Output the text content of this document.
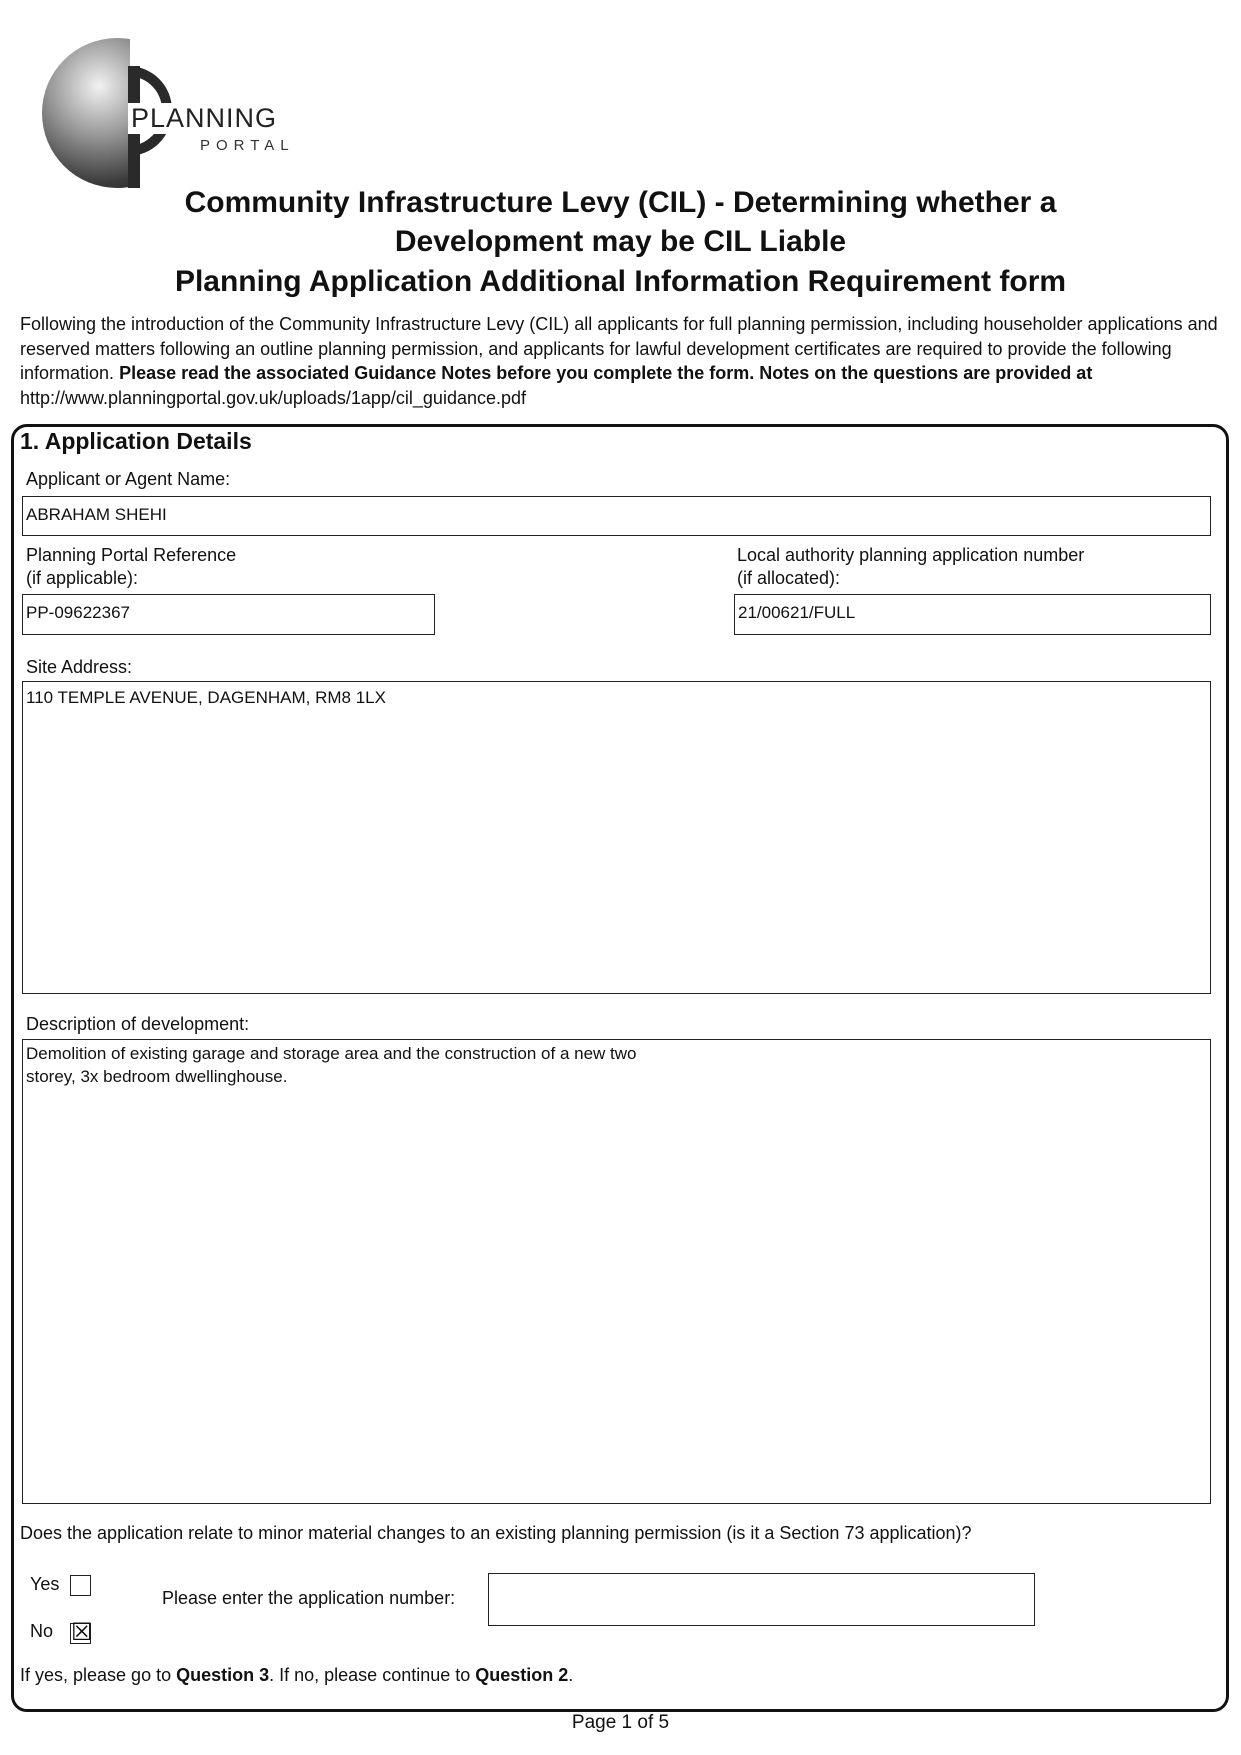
PLANNING
PORTAL
Community Infrastructure Levy (CIL) - Determining whether a
Development may be CIL Liable
Planning Application Additional Information Requirement form
Following the introduction of the Community Infrastructure Levy (CIL) all applicants for full planning permission, including householder applications and reserved matters following an outline planning permission, and applicants for lawful development certificates are required to provide the following information. Please read the associated Guidance Notes before you complete the form. Notes on the questions are provided at http://www.planningportal.gov.uk/uploads/1app/cil_guidance.pdf
1. Application Details
Applicant or Agent Name:
ABRAHAM SHEHI
Planning Portal Reference
(if applicable):
PP-09622367
Local authority planning application number
(if allocated):
21/00621/FULL
Site Address:
110 TEMPLE AVENUE, DAGENHAM, RM8 1LX
Description of development:
Demolition of existing garage and storage area and the construction of a new two
storey, 3x bedroom dwellinghouse.
Does the application relate to minor material changes to an existing planning permission (is it a Section 73 application)?
Yes
No ☒
Please enter the application number:
If yes, please go to Question 3. If no, please continue to Question 2.
Page 1 of 5
